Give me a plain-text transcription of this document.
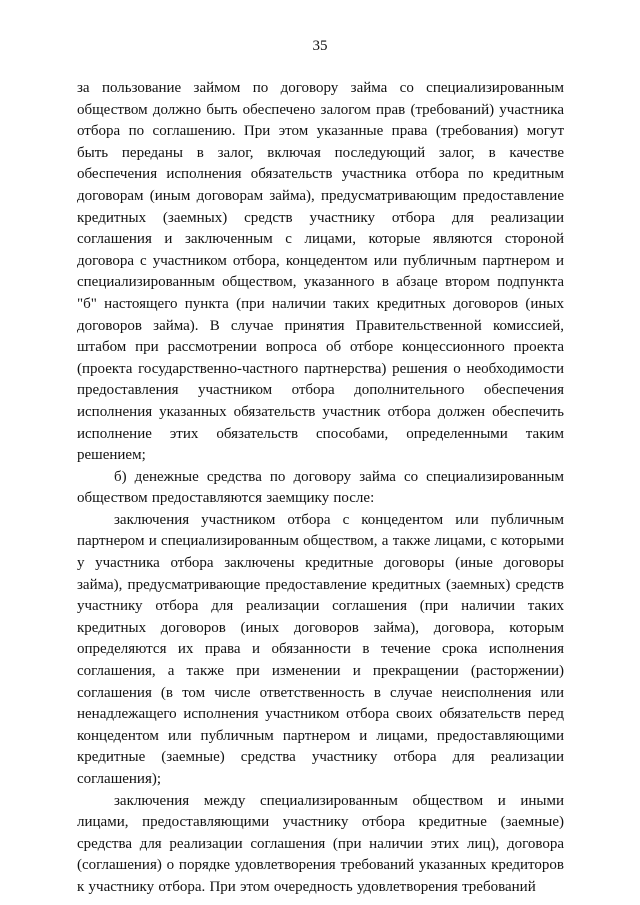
35

за пользование займом по договору займа со специализированным обществом должно быть обеспечено залогом прав (требований) участника отбора по соглашению. При этом указанные права (требования) могут быть переданы в залог, включая последующий залог, в качестве обеспечения исполнения обязательств участника отбора по кредитным договорам (иным договорам займа), предусматривающим предоставление кредитных (заемных) средств участнику отбора для реализации соглашения и заключенным с лицами, которые являются стороной договора с участником отбора, концедентом или публичным партнером и специализированным обществом, указанного в абзаце втором подпункта "б" настоящего пункта (при наличии таких кредитных договоров (иных договоров займа). В случае принятия Правительственной комиссией, штабом при рассмотрении вопроса об отборе концессионного проекта (проекта государственно-частного партнерства) решения о необходимости предоставления участником отбора дополнительного обеспечения исполнения указанных обязательств участник отбора должен обеспечить исполнение этих обязательств способами, определенными таким решением;

б) денежные средства по договору займа со специализированным обществом предоставляются заемщику после:

заключения участником отбора с концедентом или публичным партнером и специализированным обществом, а также лицами, с которыми у участника отбора заключены кредитные договоры (иные договоры займа), предусматривающие предоставление кредитных (заемных) средств участнику отбора для реализации соглашения (при наличии таких кредитных договоров (иных договоров займа), договора, которым определяются их права и обязанности в течение срока исполнения соглашения, а также при изменении и прекращении (расторжении) соглашения (в том числе ответственность в случае неисполнения или ненадлежащего исполнения участником отбора своих обязательств перед концедентом или публичным партнером и лицами, предоставляющими кредитные (заемные) средства участнику отбора для реализации соглашения);

заключения между специализированным обществом и иными лицами, предоставляющими участнику отбора кредитные (заемные) средства для реализации соглашения (при наличии этих лиц), договора (соглашения) о порядке удовлетворения требований указанных кредиторов к участнику отбора. При этом очередность удовлетворения требований
